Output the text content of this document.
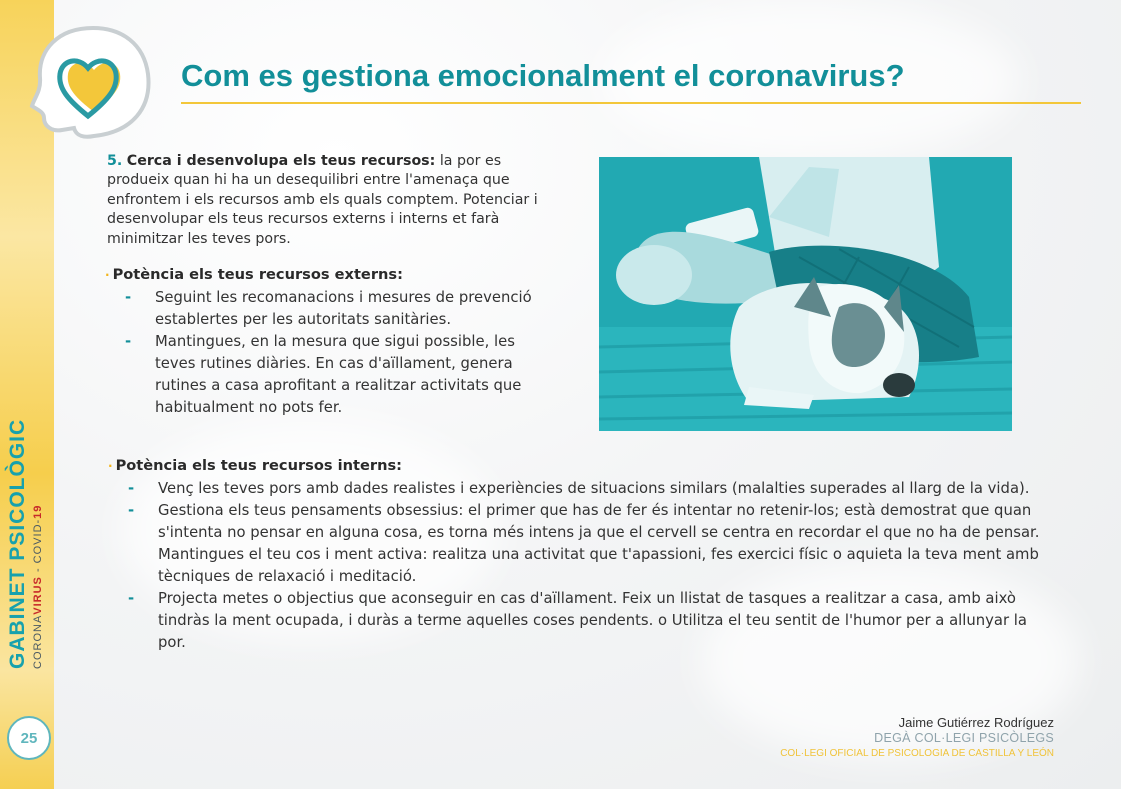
GABINET PSICOLÒGIC CORONAVIRUS - COVID-19
25
Com es gestiona emocionalment el coronavirus?
5. Cerca i desenvolupa els teus recursos: la por es produeix quan hi ha un desequilibri entre l'amenaça que enfrontem i els recursos amb els quals comptem. Potenciar i desenvolupar els teus recursos externs i interns et farà minimitzar les teves pors.
· Potència els teus recursos externs:
- Seguint les recomanacions i mesures de prevenció establertes per les autoritats sanitàries.
- Mantingues, en la mesura que sigui possible, les teves rutines diàries. En cas d'aïllament, genera rutines a casa aprofitant a realitzar activitats que habitualment no pots fer.
· Potència els teus recursos interns:
- Venç les teves pors amb dades realistes i experiències de situacions similars (malalties superades al llarg de la vida).
- Gestiona els teus pensaments obsessius: el primer que has de fer és intentar no retenir-los; està demostrat que quan s'intenta no pensar en alguna cosa, es torna més intens ja que el cervell se centra en recordar el que no ha de pensar. Mantingues el teu cos i ment activa: realitza una activitat que t'apassioni, fes exercici físic o aquieta la teva ment amb tècniques de relaxació i meditació.
- Projecta metes o objectius que aconseguir en cas d'aïllament. Feix un llistat de tasques a realitzar a casa, amb això tindràs la ment ocupada, i duràs a terme aquelles coses pendents. o Utilitza el teu sentit de l'humor per a allunyar la por.
Jaime Gutiérrez Rodríguez
DEGÀ COL·LEGI PSICÒLEGS
COL·LEGI OFICIAL DE PSICOLOGIA DE CASTILLA Y LEÓN
